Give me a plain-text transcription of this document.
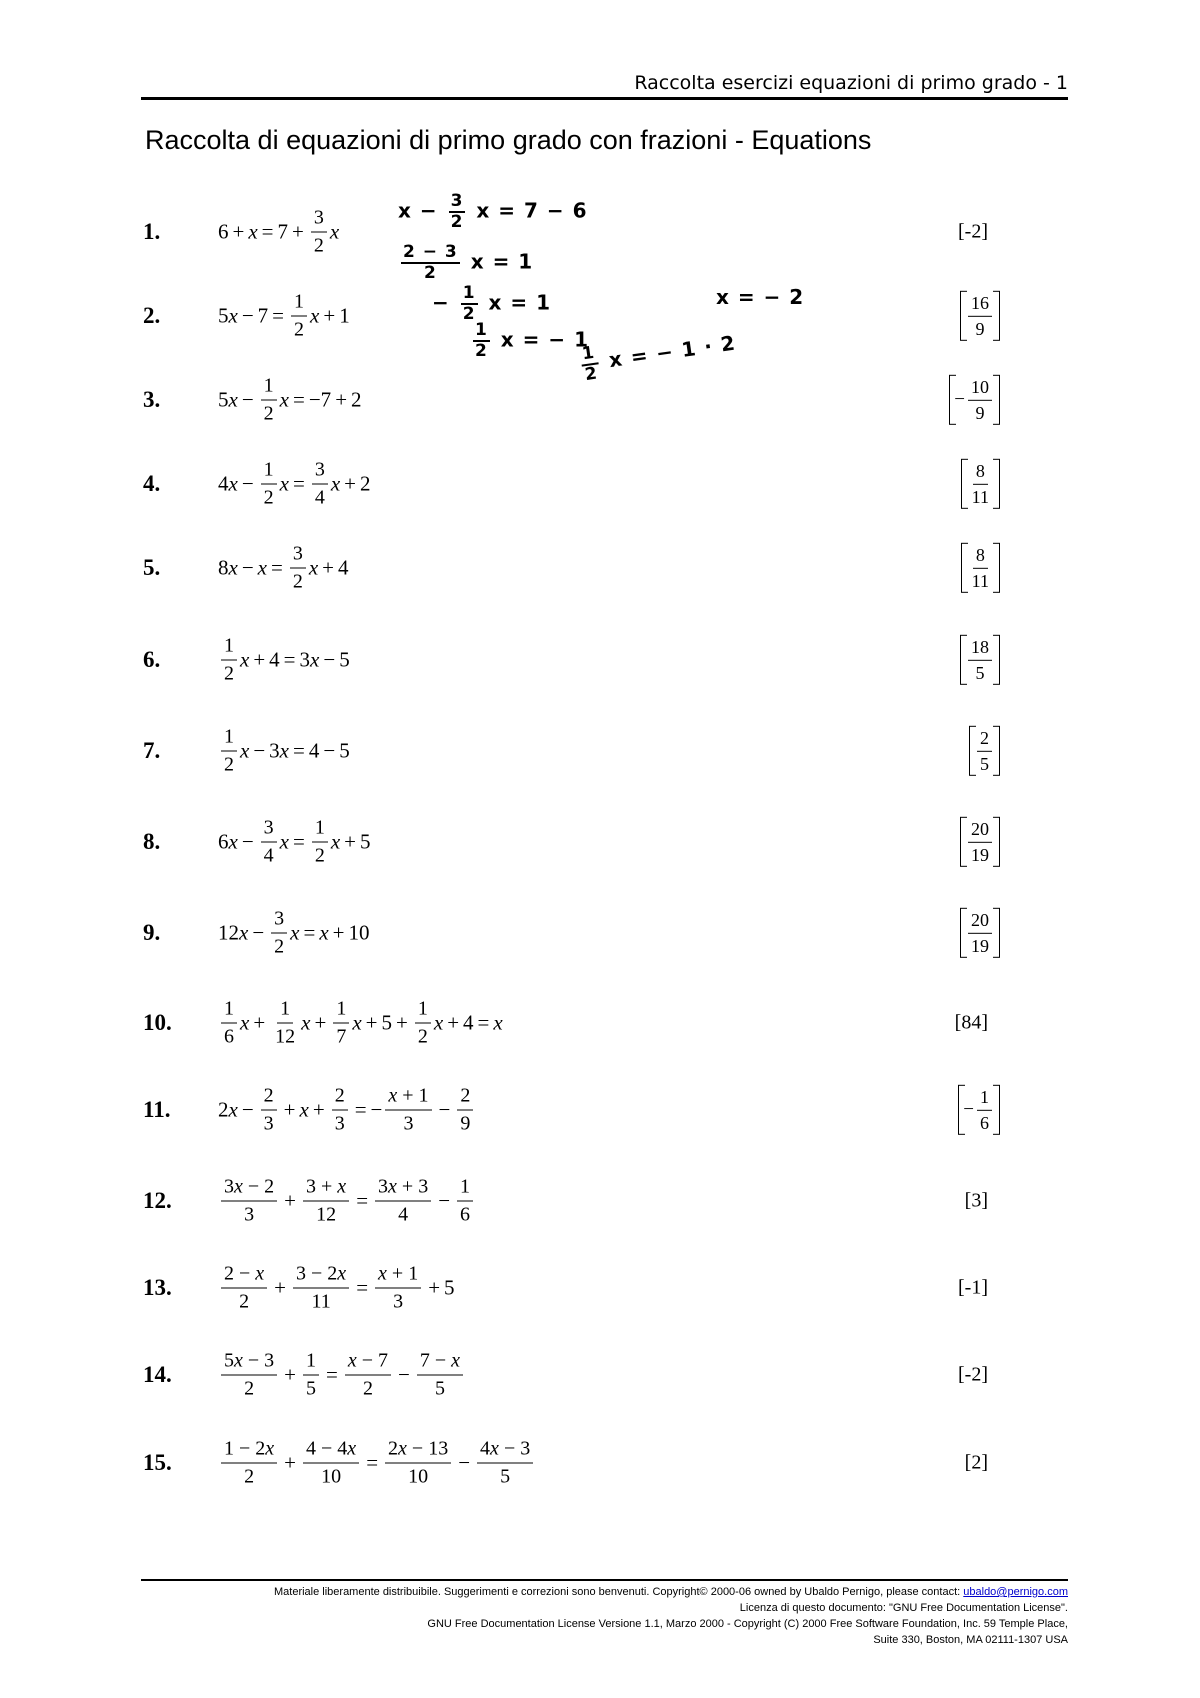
Raccolta esercizi equazioni di primo grado - 1
Raccolta di equazioni di primo grado con frazioni - Equations
$x - \frac{3}{2}$ x = 7 − 6
$\frac{2 - 3}{2}$ x = 1
− $\frac{1}{2}$ x = 1
$\frac{1}{2}$ x = − 1
$\frac{1}{2}$
x = − 1 · 2
x = − 2
1.	$6 + x = 7 + \frac{3}{2}$ x	[-2]
2.	5 $x - 7 = \frac{1}{2}$ x + 1	$\frac{16}{9}$
3.	5 $x - \frac{1}{2}$ x = −7 + 2	− $\frac{10}{9}$
4.	4 $x - \frac{1}{2}$ $x = \frac{3}{4}$ x + 2	$\frac{8}{11}$
5.	8 $x - x = \frac{3}{2}$ x + 4	$\frac{8}{11}$
6.	$\frac{1}{2}$ x + 4 = 3 x − 5	$\frac{18}{5}$
7.	$\frac{1}{2}$ x − 3 x = 4 − 5	$\frac{2}{5}$
8.	6 $x - \frac{3}{4}$ $x = \frac{1}{2}$ x + 5	$\frac{20}{19}$
9.	12 $x - \frac{3}{2}$ x = x + 10	$\frac{20}{19}$
10. $\frac{1}{6}$ $x + \frac{1}{12}$ $x + \frac{1}{7}$ $x + 5 + \frac{1}{2}$ x + 4 = x	[84]
11. 2 $x - \frac{2}{3} + x + \frac{2}{3}$ = − $\frac{x + 1}{3} - \frac{2}{9}$	− $\frac{1}{6}$
12. $\frac{3x - 2}{3} + \frac{3 + x}{12} = \frac{3x + 3}{4} - \frac{1}{6}$	[3]
13. $\frac{2 - x}{2} + \frac{3 - 2x}{11} = \frac{x + 1}{3} + 5$	[-1]
14. $\frac{5x - 3}{2} + \frac{1}{5} = \frac{x - 7}{2} - \frac{7 - x}{5}$	[-2]
15. $\frac{1 - 2x}{2} + \frac{4 - 4x}{10} = \frac{2x - 13}{10} - \frac{4x - 3}{5}$	[2]
Materiale liberamente distribuibile. Suggerimenti e correzioni sono benvenuti. Copyright© 2000-06 owned by Ubaldo Pernigo, please contact: ubaldo@pernigo.com
Licenza di questo documento: "GNU Free Documentation License".
GNU Free Documentation License Versione 1.1, Marzo 2000 - Copyright (C) 2000 Free Software Foundation, Inc. 59 Temple Place,
Suite 330, Boston, MA 02111-1307 USA
